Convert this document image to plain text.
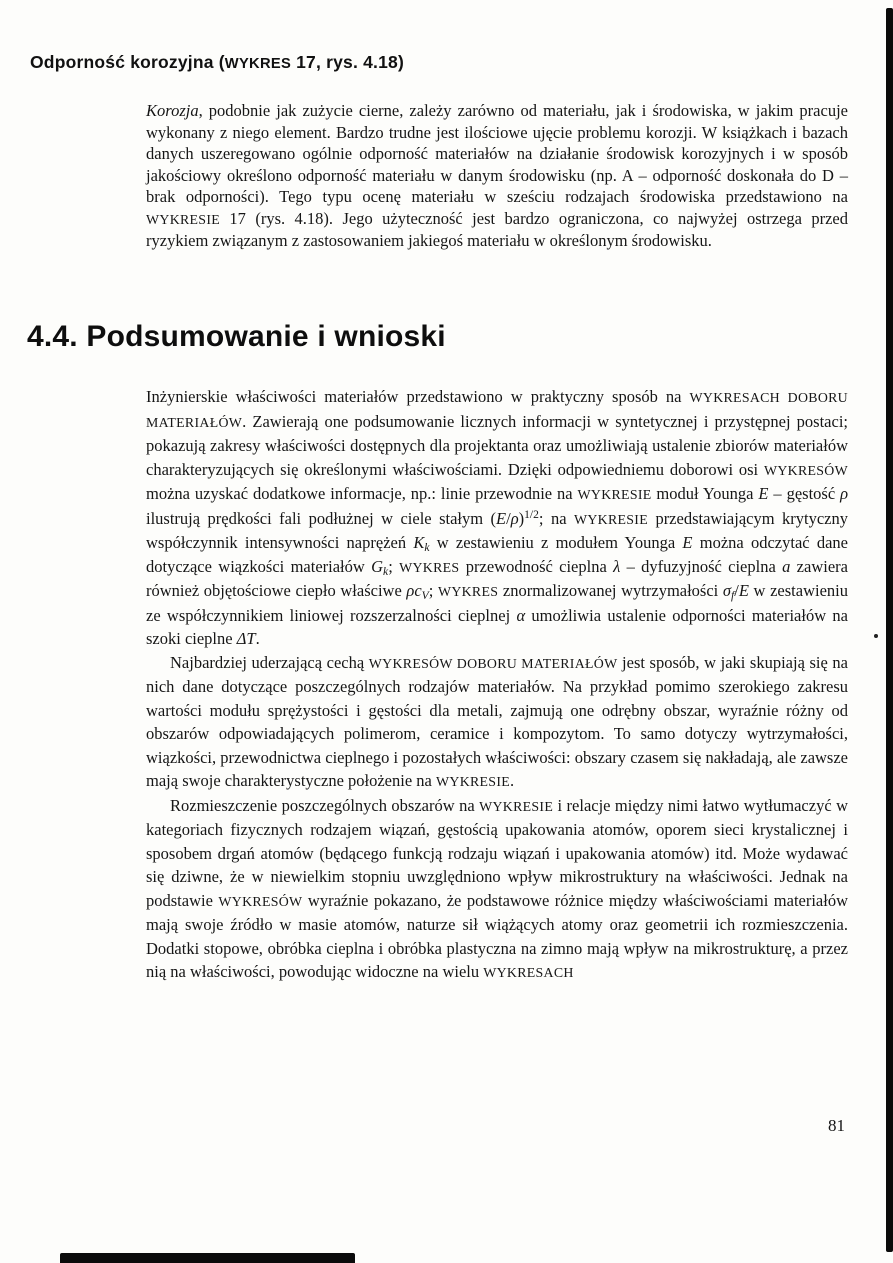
Odporność korozyjna (WYKRES 17, rys. 4.18)

Korozja, podobnie jak zużycie cierne, zależy zarówno od materiału, jak i środowiska, w jakim pracuje wykonany z niego element. Bardzo trudne jest ilościowe ujęcie problemu korozji. W książkach i bazach danych uszeregowano ogólnie odporność materiałów na działanie środowisk korozyjnych i w sposób jakościowy określono odporność materiału w danym środowisku (np. A – odporność doskonała do D – brak odporności). Tego typu ocenę materiału w sześciu rodzajach środowiska przedstawiono na WYKRESIE 17 (rys. 4.18). Jego użyteczność jest bardzo ograniczona, co najwyżej ostrzega przed ryzykiem związanym z zastosowaniem jakiegoś materiału w określonym środowisku.

4.4. Podsumowanie i wnioski

Inżynierskie właściwości materiałów przedstawiono w praktyczny sposób na WYKRESACH DOBORU MATERIAŁÓW. Zawierają one podsumowanie licznych informacji w syntetycznej i przystępnej postaci; pokazują zakresy właściwości dostępnych dla projektanta oraz umożliwiają ustalenie zbiorów materiałów charakteryzujących się określonymi właściwościami. Dzięki odpowiedniemu doborowi osi WYKRESÓW można uzyskać dodatkowe informacje, np.: linie przewodnie na WYKRESIE moduł Younga E – gęstość ρ ilustrują prędkości fali podłużnej w ciele stałym $(E/\rho)^{1/2}$; na WYKRESIE przedstawiającym krytyczny współczynnik intensywności naprężeń $K_k$ w zestawieniu z modułem Younga E można odczytać dane dotyczące wiązkości materiałów $G_k$; WYKRES przewodność cieplna λ – dyfuzyjność cieplna a zawiera również objętościowe ciepło właściwe $\rho c_V$; WYKRES znormalizowanej wytrzymałości $\sigma_f/E$ w zestawieniu ze współczynnikiem liniowej rozszerzalności cieplnej α umożliwia ustalenie odporności materiałów na szoki cieplne ΔT.

Najbardziej uderzającą cechą WYKRESÓW DOBORU MATERIAŁÓW jest sposób, w jaki skupiają się na nich dane dotyczące poszczególnych rodzajów materiałów. Na przykład pomimo szerokiego zakresu wartości modułu sprężystości i gęstości dla metali, zajmują one odrębny obszar, wyraźnie różny od obszarów odpowiadających polimerom, ceramice i kompozytom. To samo dotyczy wytrzymałości, wiązkości, przewodnictwa cieplnego i pozostałych właściwości: obszary czasem się nakładają, ale zawsze mają swoje charakterystyczne położenie na WYKRESIE.

Rozmieszczenie poszczególnych obszarów na WYKRESIE i relacje między nimi łatwo wytłumaczyć w kategoriach fizycznych rodzajem wiązań, gęstością upakowania atomów, oporem sieci krystalicznej i sposobem drgań atomów (będącego funkcją rodzaju wiązań i upakowania atomów) itd. Może wydawać się dziwne, że w niewielkim stopniu uwzględniono wpływ mikrostruktury na właściwości. Jednak na podstawie WYKRESÓW wyraźnie pokazano, że podstawowe różnice między właściwościami materiałów mają swoje źródło w masie atomów, naturze sił wiążących atomy oraz geometrii ich rozmieszczenia. Dodatki stopowe, obróbka cieplna i obróbka plastyczna na zimno mają wpływ na mikrostrukturę, a przez nią na właściwości, powodując widoczne na wielu WYKRESACH

81
